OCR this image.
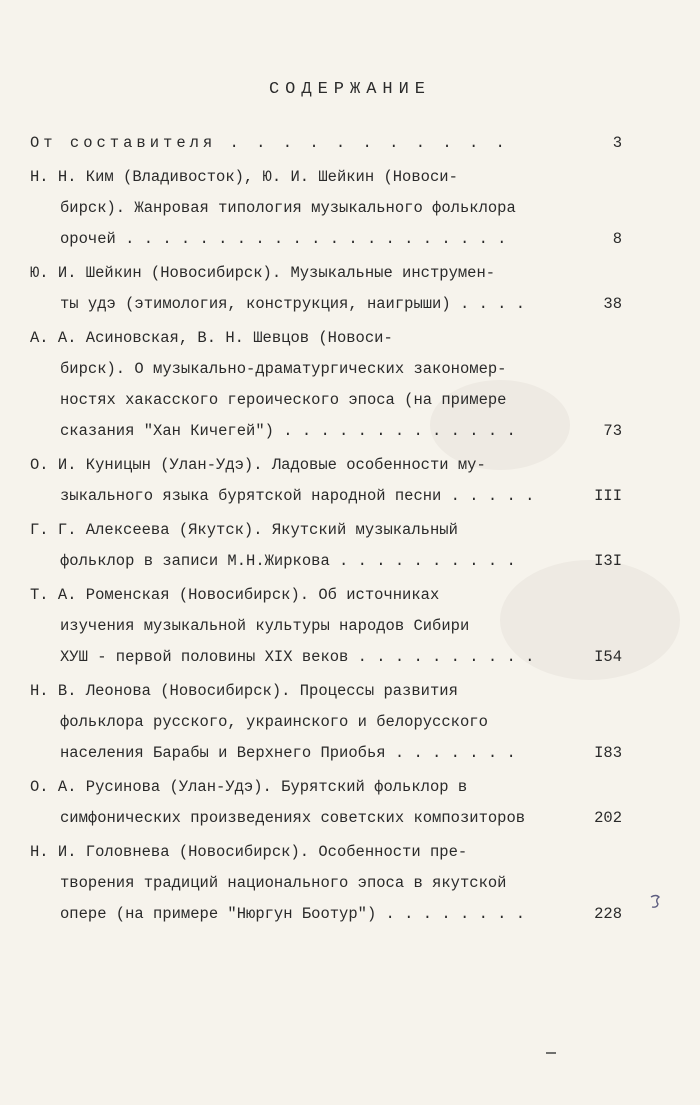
СОДЕРЖАНИЕ
От составителя . . . . . . . . . . .	3
Н. Н. Ким (Владивосток), Ю. И. Шейкин (Новоси-
бирск). Жанровая типология музыкального фольклора
орочей . . . . . . . . . . . . . . . . . . . . .	8
Ю. И. Шейкин (Новосибирск). Музыкальные инструмен-
ты удэ (этимология, конструкция, наигрыши) . . . .	38
А. А. Асиновская, В. Н. Шевцов (Новоси-
бирск). О музыкально-драматургических закономер-
ностях хакасского героического эпоса (на примере
сказания "Хан Кичегей") . . . . . . . . . . . . .	73
О. И. Куницын (Улан-Удэ). Ладовые особенности му-
зыкального языка бурятской народной песни . . . . .	III
Г. Г. Алексеева (Якутск). Якутский музыкальный
фольклор в записи М.Н.Жиркова . . . . . . . . . .	I3I
Т. А. Роменская (Новосибирск). Об источниках
изучения музыкальной культуры народов Сибири
ХУШ - первой половины XIX веков . . . . . . . . . .	I54
Н. В. Леонова (Новосибирск). Процессы развития
фольклора русского, украинского и белорусского
населения Барабы и Верхнего Приобья . . . . . . .	I83
О. А. Русинова (Улан-Удэ). Бурятский фольклор в
симфонических произведениях советских композиторов	202
Н. И. Головнева (Новосибирск). Особенности пре-
творения традиций национального эпоса в якутской
опере (на примере "Нюргун Боотур") . . . . . . . .	228
